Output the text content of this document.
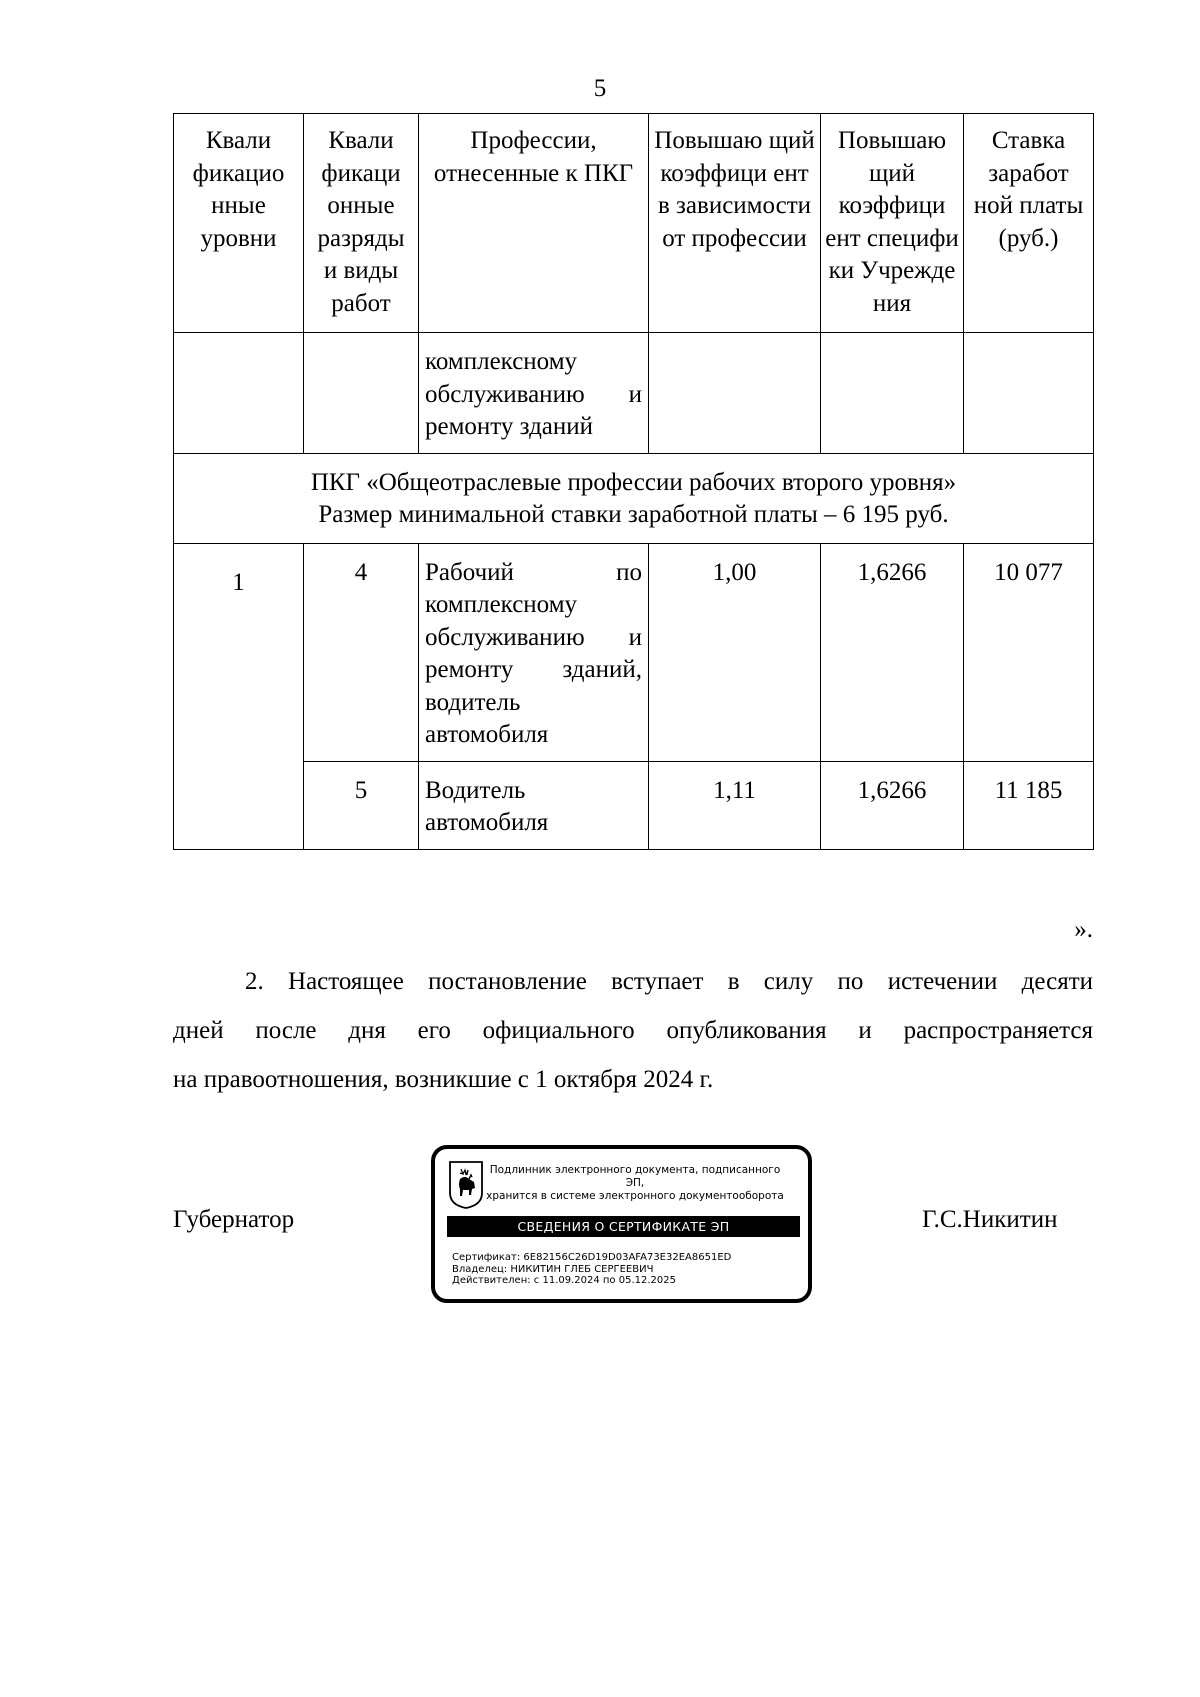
5
Квали фикацио нные уровни	Квали фикаци онные разряды и виды работ	Профессии, отнесенные к ПКГ	Повышаю щий коэффици ент в зависимости от профессии	Повышаю щий коэффици ент специфи ки Учрежде ния	Ставка заработ ной платы (руб.)
		комплексному обслуживанию и ремонту зданий			

ПКГ «Общеотраслевые профессии рабочих второго уровня»
Размер минимальной ставки заработной платы – 6 195 руб.					

1	4	Рабочий по комплексному обслуживанию и ремонту зданий, водитель автомобиля	1,00	1,6266	10 077
	5	Водитель автомобиля	1,11	1,6266	11 185
».
2. Настоящее постановление вступает в силу по истечении десяти
дней после дня его официального опубликования и распространяется
на правоотношения, возникшие с 1 октября 2024 г.
Губернатор
Подлинник электронного документа, подписанного ЭП,
хранится в системе электронного документооборота
СВЕДЕНИЯ О СЕРТИФИКАТЕ ЭП
Сертификат: 6E82156C26D19D03AFA73E32EA8651ED
Владелец: НИКИТИН ГЛЕБ СЕРГЕЕВИЧ
Действителен: с 11.09.2024 по 05.12.2025
Г.С.Никитин
